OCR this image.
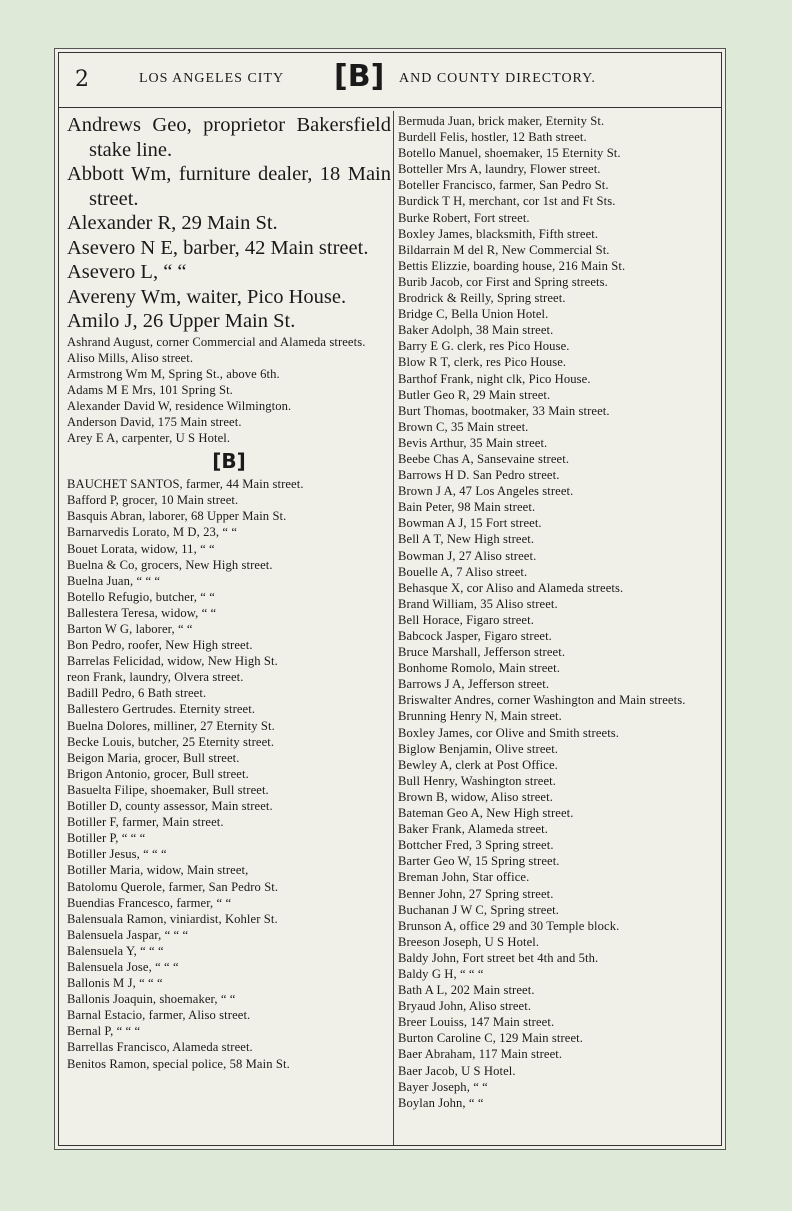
2	LOS ANGELES CITY [B] AND COUNTY DIRECTORY.
Andrews Geo, proprietor Bakersfield stake line.
Abbott Wm, furniture dealer, 18 Main street.
Alexander R, 29 Main St.
Asevero N E, barber, 42 Main street.
Asevero L, “ “
Avereny Wm, waiter, Pico House.
Amilo J, 26 Upper Main St.
Ashrand August, corner Commercial and Alameda streets.
Aliso Mills, Aliso street.
Armstrong Wm M, Spring St., above 6th.
Adams M E Mrs, 101 Spring St.
Alexander David W, residence Wilmington.
Anderson David, 175 Main street.
Arey E A, carpenter, U S Hotel.
[B]
BAUCHET SANTOS, farmer, 44 Main street.
Bafford P, grocer, 10 Main street.
Basquis Abran, laborer, 68 Upper Main St.
Barnarvedis Lorato, M D, 23, “ “
Bouet Lorata, widow, 11, “ “
Buelna & Co, grocers, New High street.
Buelna Juan, “ “ “
Botello Refugio, butcher, “ “
Ballestera Teresa, widow, “ “
Barton W G, laborer, “ “
Bon Pedro, roofer, New High street.
Barrelas Felicidad, widow, New High St.
reon Frank, laundry, Olvera street.
Badill Pedro, 6 Bath street.
Ballestero Gertrudes. Eternity street.
Buelna Dolores, milliner, 27 Eternity St.
Becke Louis, butcher, 25 Eternity street.
Beigon Maria, grocer, Bull street.
Brigon Antonio, grocer, Bull street.
Basuelta Filipe, shoemaker, Bull street.
Botiller D, county assessor, Main street.
Botiller F, farmer, Main street.
Botiller P, “ “ “
Botiller Jesus, “ “ “
Botiller Maria, widow, Main street,
Batolomu Querole, farmer, San Pedro St.
Buendias Francesco, farmer, “ “
Balensuala Ramon, viniardist, Kohler St.
Balensuela Jaspar, “ “ “
Balensuela Y, “ “ “
Balensuela Jose, “ “ “
Ballonis M J, “ “ “
Ballonis Joaquin, shoemaker, “ “
Barnal Estacio, farmer, Aliso street.
Bernal P, “ “ “
Barrellas Francisco, Alameda street.
Benitos Ramon, special police, 58 Main St.
Bermuda Juan, brick maker, Eternity St.
Burdell Felis, hostler, 12 Bath street.
Botello Manuel, shoemaker, 15 Eternity St.
Botteller Mrs A, laundry, Flower street.
Boteller Francisco, farmer, San Pedro St.
Burdick T H, merchant, cor 1st and Ft Sts.
Burke Robert, Fort street.
Boxley James, blacksmith, Fifth street.
Bildarrain M del R, New Commercial St.
Bettis Elizzie, boarding house, 216 Main St.
Burib Jacob, cor First and Spring streets.
Brodrick & Reilly, Spring street.
Bridge C, Bella Union Hotel.
Baker Adolph, 38 Main street.
Barry E G. clerk, res Pico House.
Blow R T, clerk, res Pico House.
Barthof Frank, night clk, Pico House.
Butler Geo R, 29 Main street.
Burt Thomas, bootmaker, 33 Main street.
Brown C, 35 Main street.
Bevis Arthur, 35 Main street.
Beebe Chas A, Sansevaine street.
Barrows H D. San Pedro street.
Brown J A, 47 Los Angeles street.
Bain Peter, 98 Main street.
Bowman A J, 15 Fort street.
Bell A T, New High street.
Bowman J, 27 Aliso street.
Bouelle A, 7 Aliso street.
Behasque X, cor Aliso and Alameda streets.
Brand William, 35 Aliso street.
Bell Horace, Figaro street.
Babcock Jasper, Figaro street.
Bruce Marshall, Jefferson street.
Bonhome Romolo, Main street.
Barrows J A, Jefferson street.
Briswalter Andres, corner Washington and Main streets.
Brunning Henry N, Main street.
Boxley James, cor Olive and Smith streets.
Biglow Benjamin, Olive street.
Bewley A, clerk at Post Office.
Bull Henry, Washington street.
Brown B, widow, Aliso street.
Bateman Geo A, New High street.
Baker Frank, Alameda street.
Bottcher Fred, 3 Spring street.
Barter Geo W, 15 Spring street.
Breman John, Star office.
Benner John, 27 Spring street.
Buchanan J W C, Spring street.
Brunson A, office 29 and 30 Temple block.
Breeson Joseph, U S Hotel.
Baldy John, Fort street bet 4th and 5th.
Baldy G H, “ “ “
Bath A L, 202 Main street.
Bryaud John, Aliso street.
Breer Louiss, 147 Main street.
Burton Caroline C, 129 Main street.
Baer Abraham, 117 Main street.
Baer Jacob, U S Hotel.
Bayer Joseph, “ “
Boylan John, “ “
